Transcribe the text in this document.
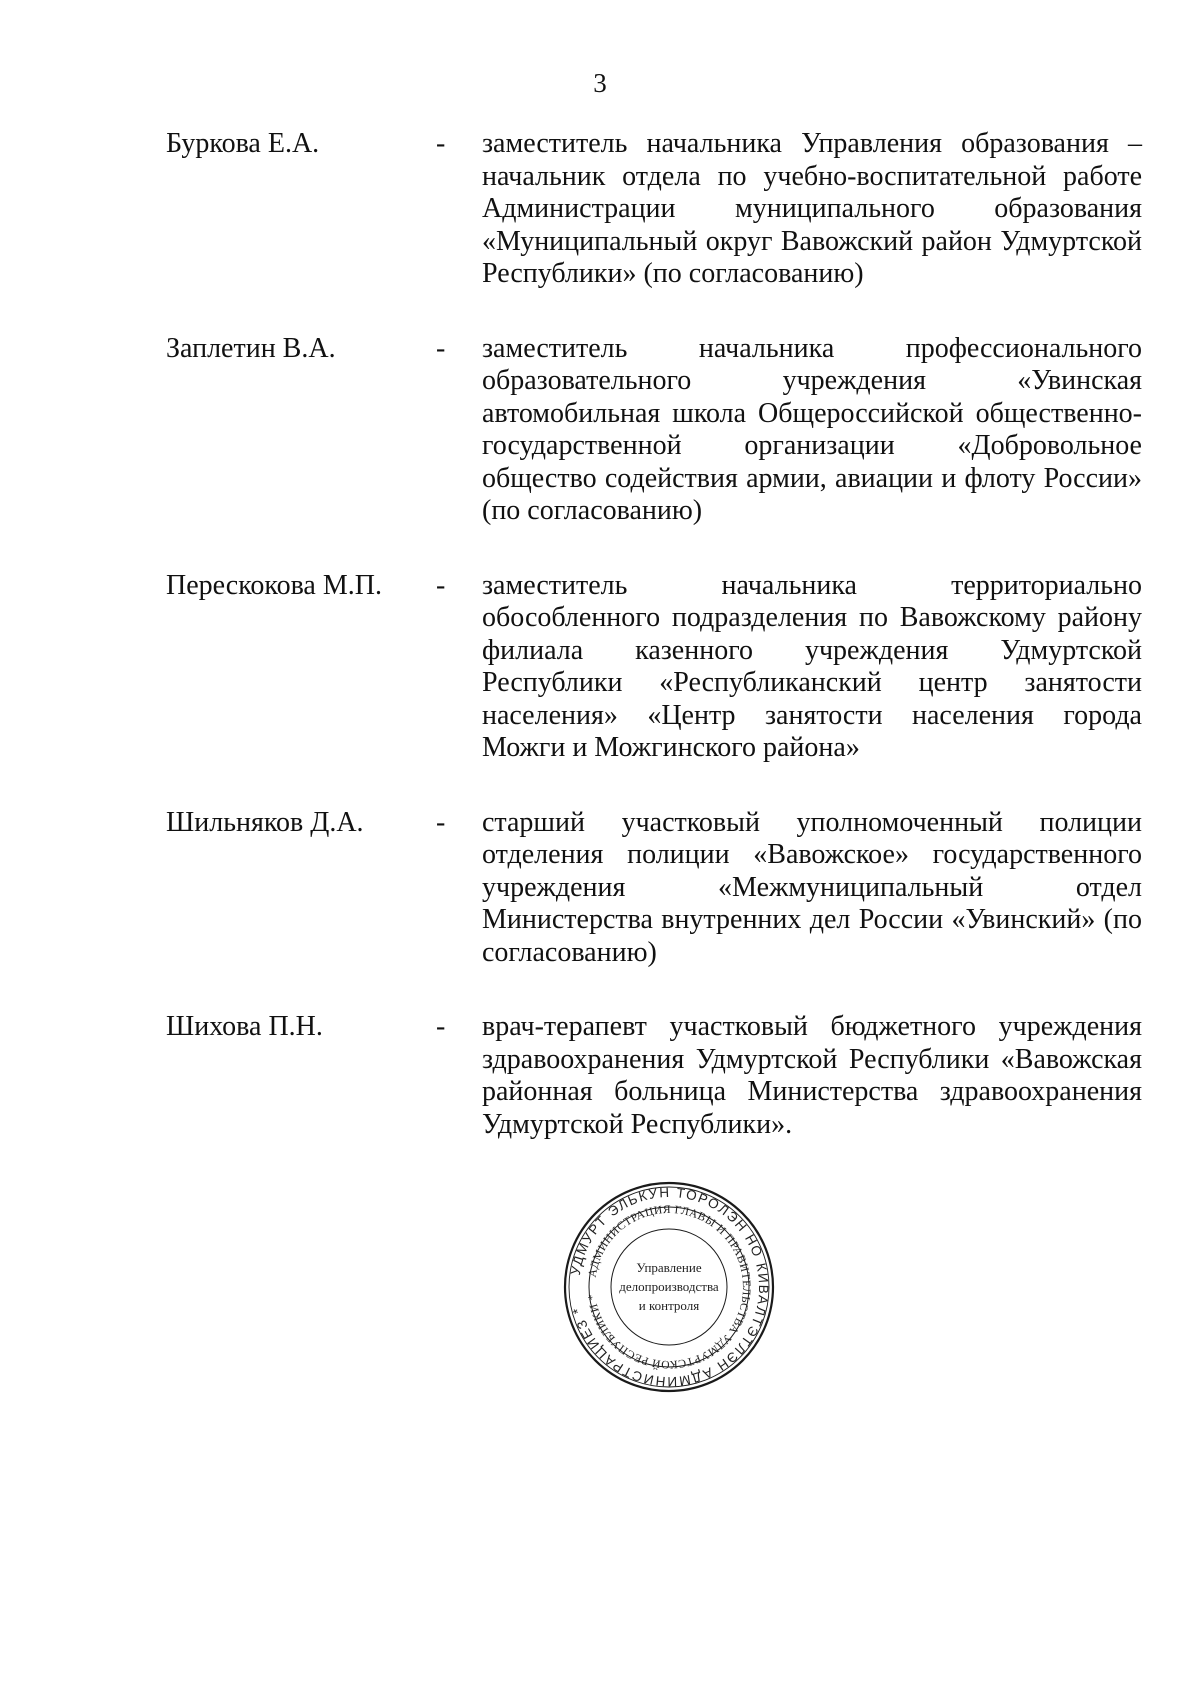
3
Буркова Е.А.	-	заместитель начальника Управления образования – начальник отдела по учебно-воспитательной работе Администрации муниципального образования «Муниципальный округ Вавожский район Удмуртской Республики» (по согласованию)
Заплетин В.А.	-	заместитель начальника профессионального образовательного учреждения «Увинская автомобильная школа Общероссийской общественно-государственной организации «Добровольное общество содействия армии, авиации и флоту России» (по согласованию)
Перескокова М.П.	-	заместитель начальника территориально обособленного подразделения по Вавожскому району филиала казенного учреждения Удмуртской Республики «Республиканский центр занятости населения» «Центр занятости населения города Можги и Можгинского района»
Шильняков Д.А.	-	старший участковый уполномоченный полиции отделения полиции «Вавожское» государственного учреждения «Межмуниципальный отдел Министерства внутренних дел России «Увинский» (по согласованию)
Шихова П.Н.	-	врач-терапевт участковый бюджетного учреждения здравоохранения Удмуртской Республики «Вавожская районная больница Министерства здравоохранения Удмуртской Республики».
УДМУРТ ЭЛЬКУН ТОРОЛЭН НО КИВАЛТЭТЛЭН АДМИНИСТРАЦИЕЗ *
АДМИНИСТРАЦИЯ ГЛАВЫ И ПРАВИТЕЛЬСТВА УДМУРТСКОЙ РЕСПУБЛИКИ *
Управление
делопроизводства
и контроля
